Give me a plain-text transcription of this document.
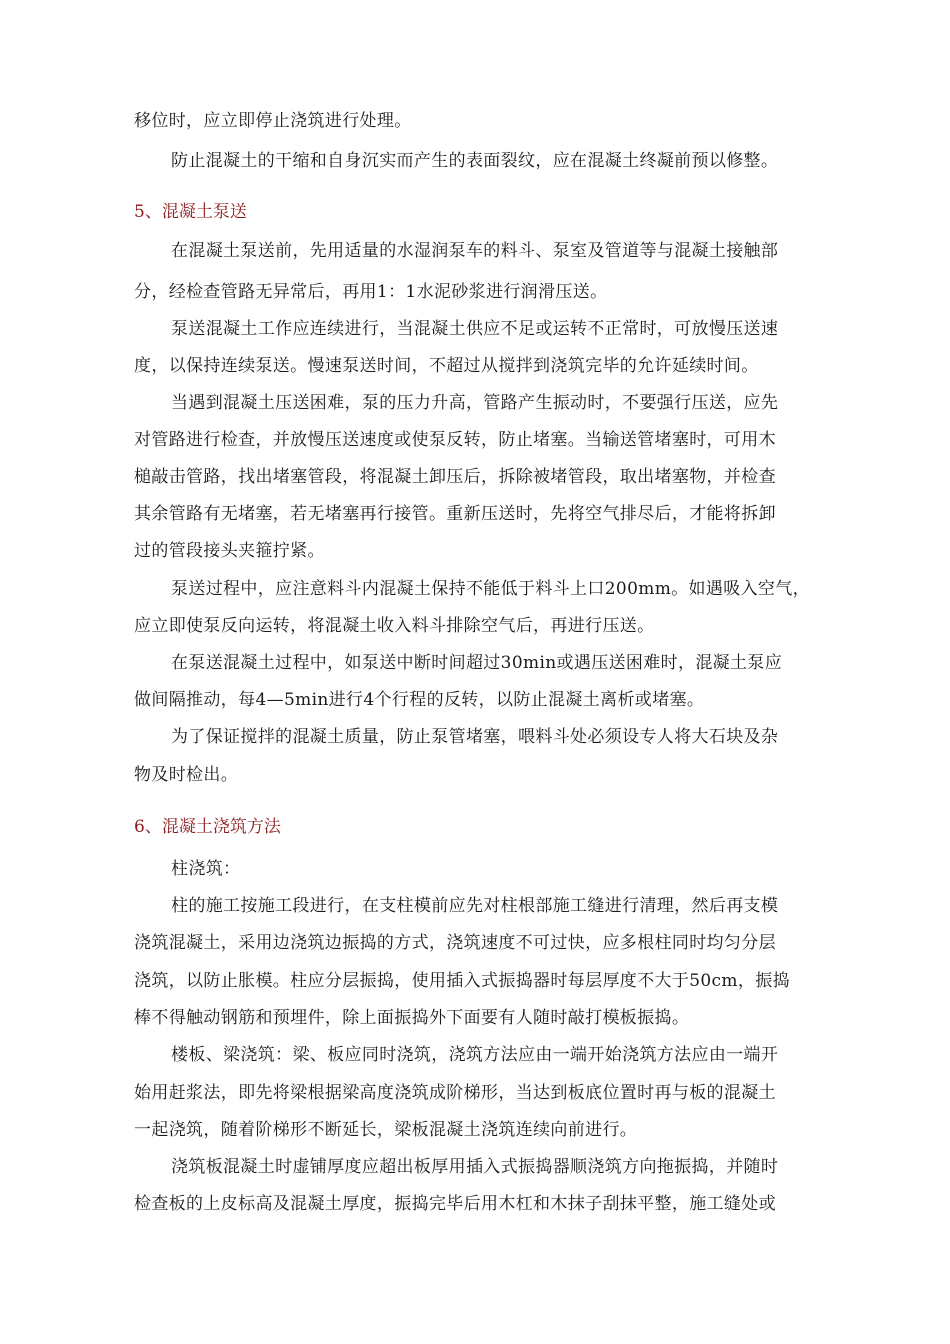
移位时，应立即停止浇筑进行处理。
防止混凝土的干缩和自身沉实而产生的表面裂纹，应在混凝土终凝前预以修整。
5、混凝土泵送
在混凝土泵送前，先用适量的水湿润泵车的料斗、泵室及管道等与混凝土接触部
分，经检查管路无异常后，再用1：1水泥砂浆进行润滑压送。
泵送混凝土工作应连续进行，当混凝土供应不足或运转不正常时，可放慢压送速
度，以保持连续泵送。慢速泵送时间，不超过从搅拌到浇筑完毕的允许延续时间。
当遇到混凝土压送困难，泵的压力升高，管路产生振动时，不要强行压送，应先
对管路进行检查，并放慢压送速度或使泵反转，防止堵塞。当输送管堵塞时，可用木
槌敲击管路，找出堵塞管段，将混凝土卸压后，拆除被堵管段，取出堵塞物，并检查
其余管路有无堵塞，若无堵塞再行接管。重新压送时，先将空气排尽后，才能将拆卸
过的管段接头夹箍拧紧。
泵送过程中，应注意料斗内混凝土保持不能低于料斗上口200mm。如遇吸入空气，
应立即使泵反向运转，将混凝土收入料斗排除空气后，再进行压送。
在泵送混凝土过程中，如泵送中断时间超过30min或遇压送困难时，混凝土泵应
做间隔推动，每4—5min进行4个行程的反转，以防止混凝土离析或堵塞。
为了保证搅拌的混凝土质量，防止泵管堵塞，喂料斗处必须设专人将大石块及杂
物及时检出。
6、混凝土浇筑方法
柱浇筑：
柱的施工按施工段进行，在支柱模前应先对柱根部施工缝进行清理，然后再支模
浇筑混凝土，采用边浇筑边振捣的方式，浇筑速度不可过快，应多根柱同时均匀分层
浇筑，以防止胀模。柱应分层振捣，使用插入式振捣器时每层厚度不大于50cm，振捣
棒不得触动钢筋和预埋件，除上面振捣外下面要有人随时敲打模板振捣。
楼板、梁浇筑：梁、板应同时浇筑，浇筑方法应由一端开始浇筑方法应由一端开
始用赶浆法，即先将梁根据梁高度浇筑成阶梯形，当达到板底位置时再与板的混凝土
一起浇筑，随着阶梯形不断延长，梁板混凝土浇筑连续向前进行。
浇筑板混凝土时虚铺厚度应超出板厚用插入式振捣器顺浇筑方向拖振捣，并随时
检查板的上皮标高及混凝土厚度，振捣完毕后用木杠和木抹子刮抹平整，施工缝处或
